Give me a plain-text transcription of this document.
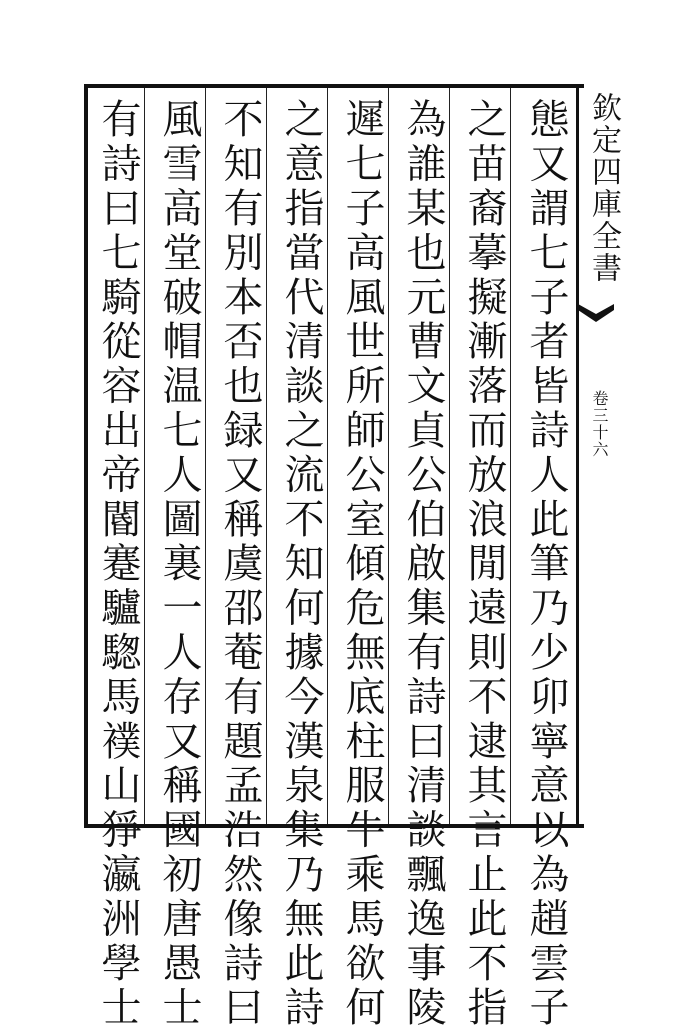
欽定四庫全書
卷三十六
態又謂七子者皆詩人此筆乃少卯寧意以為趙雲子
之苗裔摹擬漸落而放浪閒遠則不逮其言止此不指
為誰某也元曹文貞公伯啟集有詩曰清談飄逸事陵
遲七子高風世所師公室傾危無底柱服牛乘馬欲何
之意指當代清談之流不知何據今漢泉集乃無此詩
不知有別本否也録又稱虞邵菴有題孟浩然像詩曰
風雪高堂破帽温七人圖裏一人存又稱國初唐愚士
有詩曰七騎從容出帝閽蹇驢騘馬襆山猙瀛洲學士
